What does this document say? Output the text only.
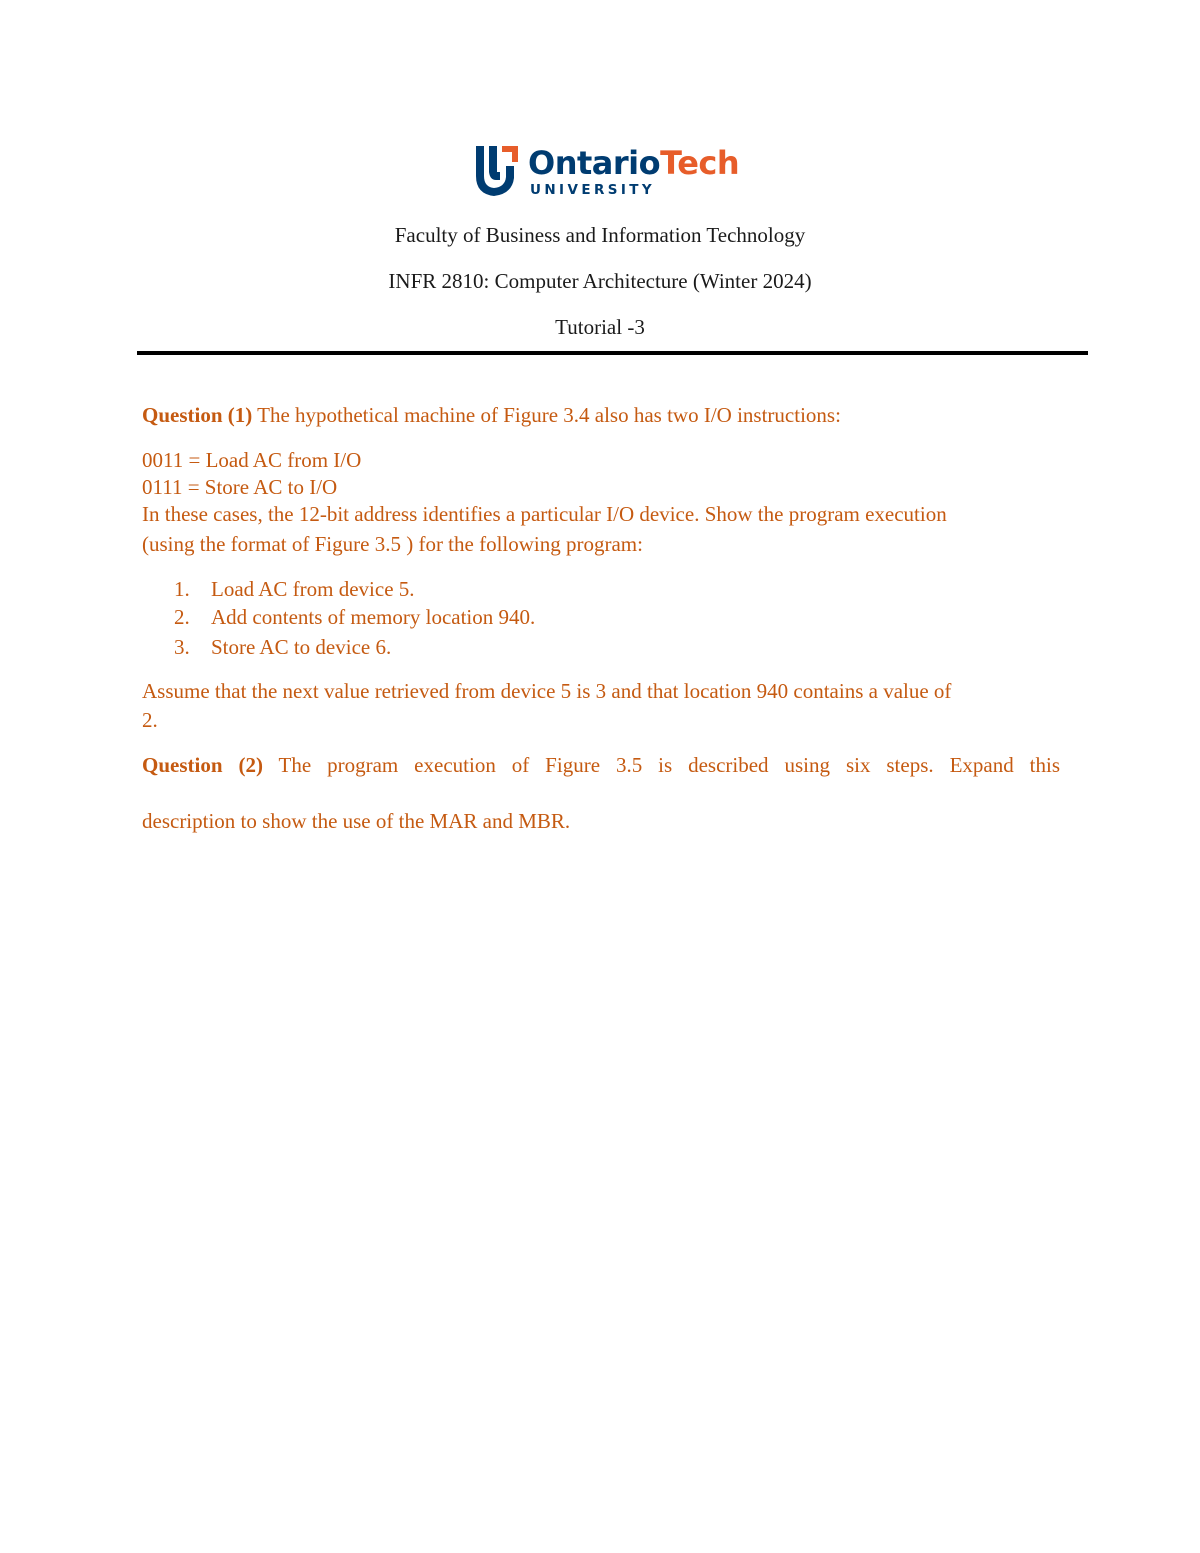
OntarioTech
UNIVERSITY
Faculty of Business and Information Technology
INFR 2810: Computer Architecture (Winter 2024)
Tutorial -3
Question (1) The hypothetical machine of Figure 3.4 also has two I/O instructions:
0011 = Load AC from I/O
0111 = Store AC to I/O
In these cases, the 12-bit address identifies a particular I/O device. Show the program execution
(using the format of Figure 3.5 ) for the following program:
1. Load AC from device 5.
2. Add contents of memory location 940.
3. Store AC to device 6.
Assume that the next value retrieved from device 5 is 3 and that location 940 contains a value of
2.
Question (2) The program execution of Figure 3.5 is described using six steps. Expand this
description to show the use of the MAR and MBR.
